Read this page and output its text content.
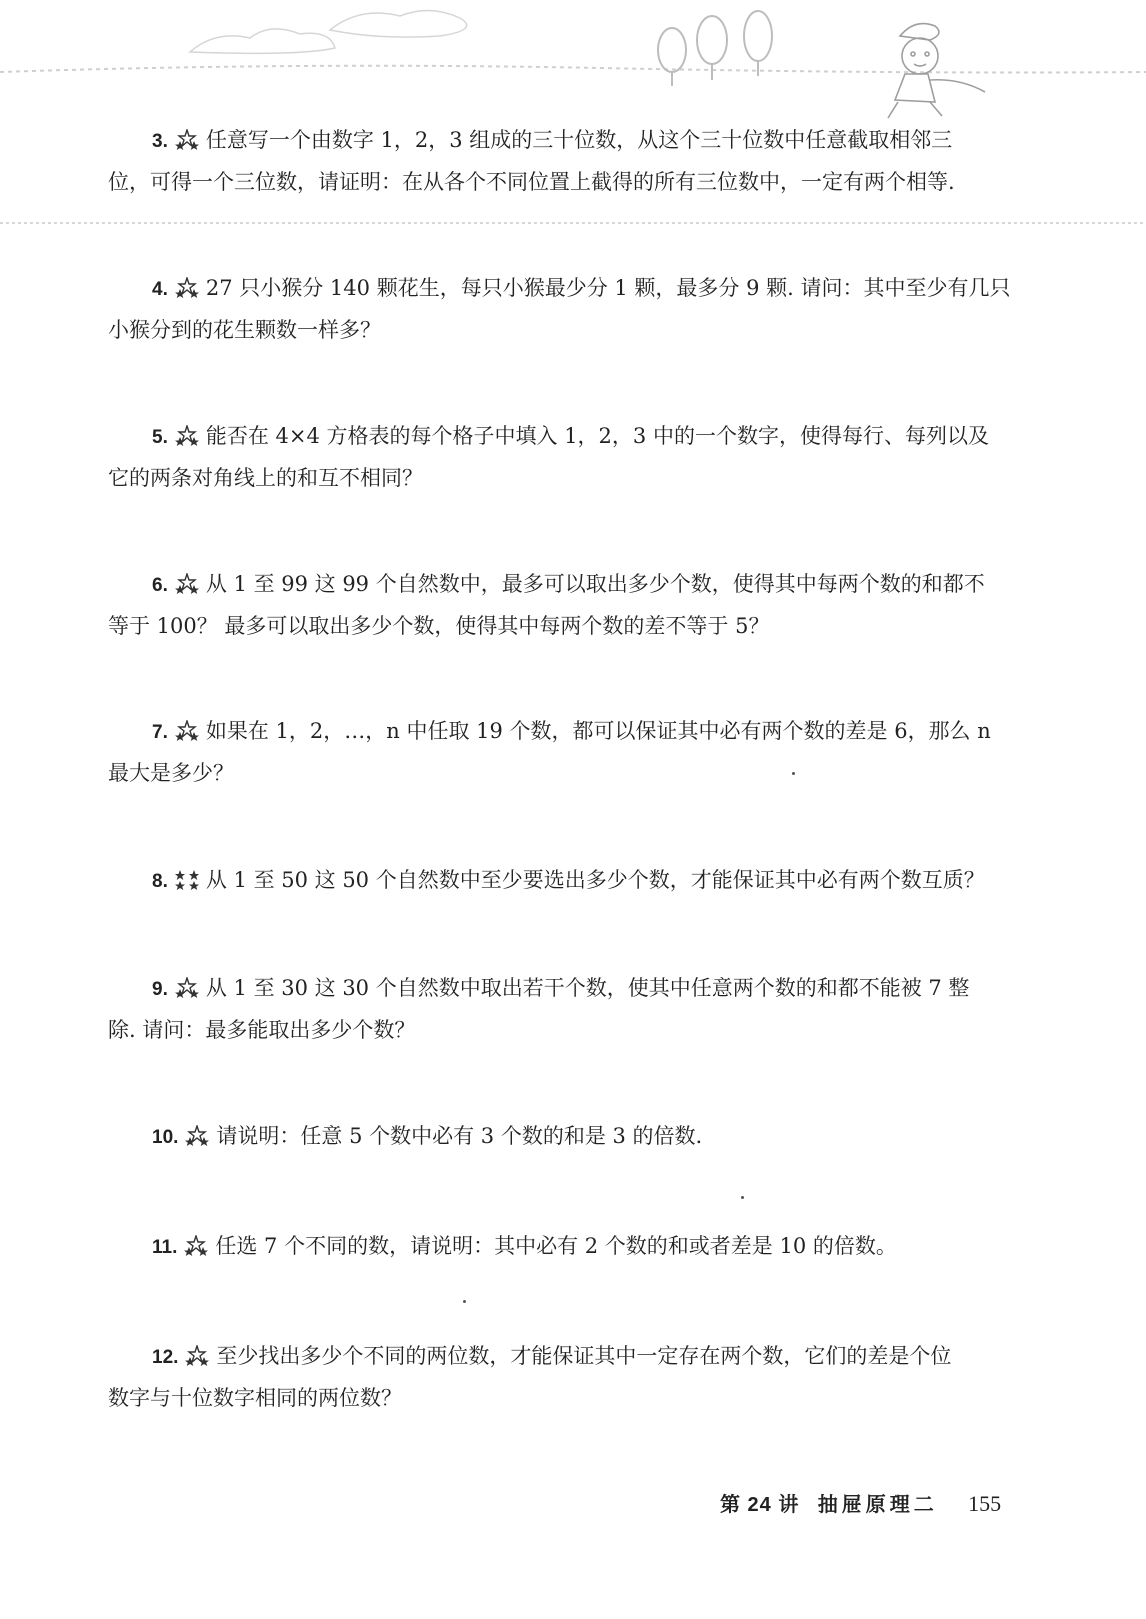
3. 任意写一个由数字 1，2，3 组成的三十位数，从这个三十位数中任意截取相邻三
位，可得一个三位数，请证明：在从各个不同位置上截得的所有三位数中，一定有两个相等.
4. 27 只小猴分 140 颗花生，每只小猴最少分 1 颗，最多分 9 颗. 请问：其中至少有几只
小猴分到的花生颗数一样多？
5. 能否在 4×4 方格表的每个格子中填入 1，2，3 中的一个数字，使得每行、每列以及
它的两条对角线上的和互不相同？
6. 从 1 至 99 这 99 个自然数中，最多可以取出多少个数，使得其中每两个数的和都不
等于 100？ 最多可以取出多少个数，使得其中每两个数的差不等于 5？
7. 如果在 1，2，…，n 中任取 19 个数，都可以保证其中必有两个数的差是 6，那么 n
最大是多少？
8. 从 1 至 50 这 50 个自然数中至少要选出多少个数，才能保证其中必有两个数互质？
9. 从 1 至 30 这 30 个自然数中取出若干个数，使其中任意两个数的和都不能被 7 整
除. 请问：最多能取出多少个数？
10. 请说明：任意 5 个数中必有 3 个数的和是 3 的倍数.
11. 任选 7 个不同的数，请说明：其中必有 2 个数的和或者差是 10 的倍数。
12. 至少找出多少个不同的两位数，才能保证其中一定存在两个数，它们的差是个位
数字与十位数字相同的两位数？
第 24 讲 抽屉原理二 155
